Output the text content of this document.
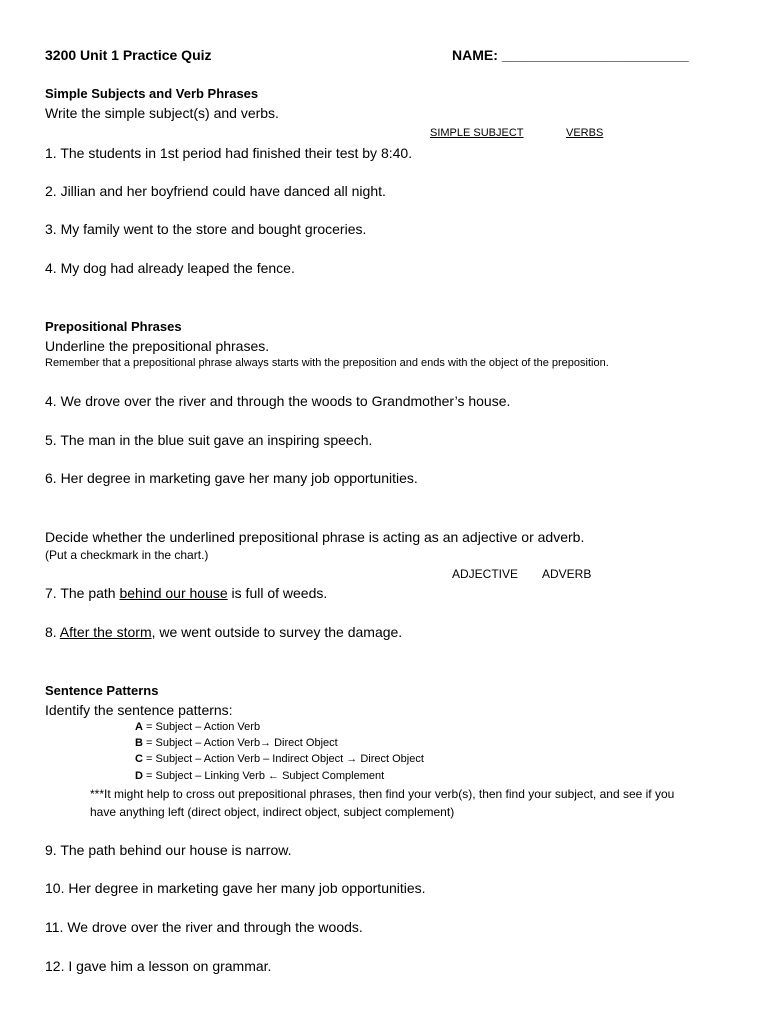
3200 Unit 1 Practice Quiz	NAME: ________________________
Simple Subjects and Verb Phrases
Write the simple subject(s) and verbs.
SIMPLE SUBJECT	VERBS
1. The students in 1st period had finished their test by 8:40.
2. Jillian and her boyfriend could have danced all night.
3. My family went to the store and bought groceries.
4. My dog had already leaped the fence.
Prepositional Phrases
Underline the prepositional phrases.
Remember that a prepositional phrase always starts with the preposition and ends with the object of the preposition.
4. We drove over the river and through the woods to Grandmother’s house.
5. The man in the blue suit gave an inspiring speech.
6. Her degree in marketing gave her many job opportunities.
Decide whether the underlined prepositional phrase is acting as an adjective or adverb.
(Put a checkmark in the chart.)
ADJECTIVE ADVERB
7. The path behind our house is full of weeds.
8. After the storm, we went outside to survey the damage.
Sentence Patterns
Identify the sentence patterns:
A = Subject – Action Verb
B = Subject – Action Verb→ Direct Object
C = Subject – Action Verb – Indirect Object → Direct Object
D = Subject – Linking Verb ← Subject Complement
***It might help to cross out prepositional phrases, then find your verb(s), then find your subject, and see if you
have anything left (direct object, indirect object, subject complement)
9. The path behind our house is narrow.
10. Her degree in marketing gave her many job opportunities.
11. We drove over the river and through the woods.
12. I gave him a lesson on grammar.
